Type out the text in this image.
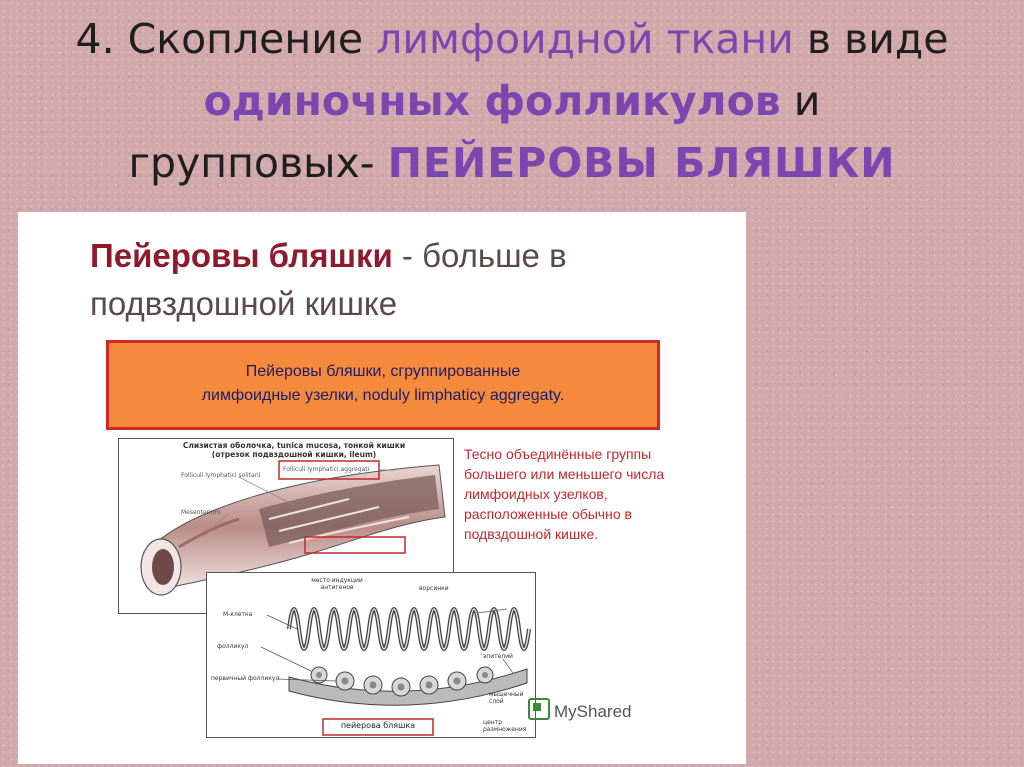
4. Скопление лимфоидной ткани в виде
одиночных фолликулов и
групповых- ПЕЙЕРОВЫ БЛЯШКИ
Пейеровы бляшки - больше в подвздошной кишке
Пейеровы бляшки, сгруппированные
лимфоидные узелки, noduly limphaticy aggregaty.
Слизистая оболочка, tunica mucosa, тонкой кишки
(отрезок подвздошной кишки, ileum)
Folliculi lymphatici aggregati
Folliculi lymphatici solitarii
Mesenterium
Тесно объединённые группы большего или меньшего числа лимфоидных узелков, расположенные обычно в подвздошной кишке.
место индукции антигенов	ворсинки
М-клетка
фолликул
первичный фолликул
эпителий
мышечный слой
центр размножения
пейерова бляшка
MyShared
